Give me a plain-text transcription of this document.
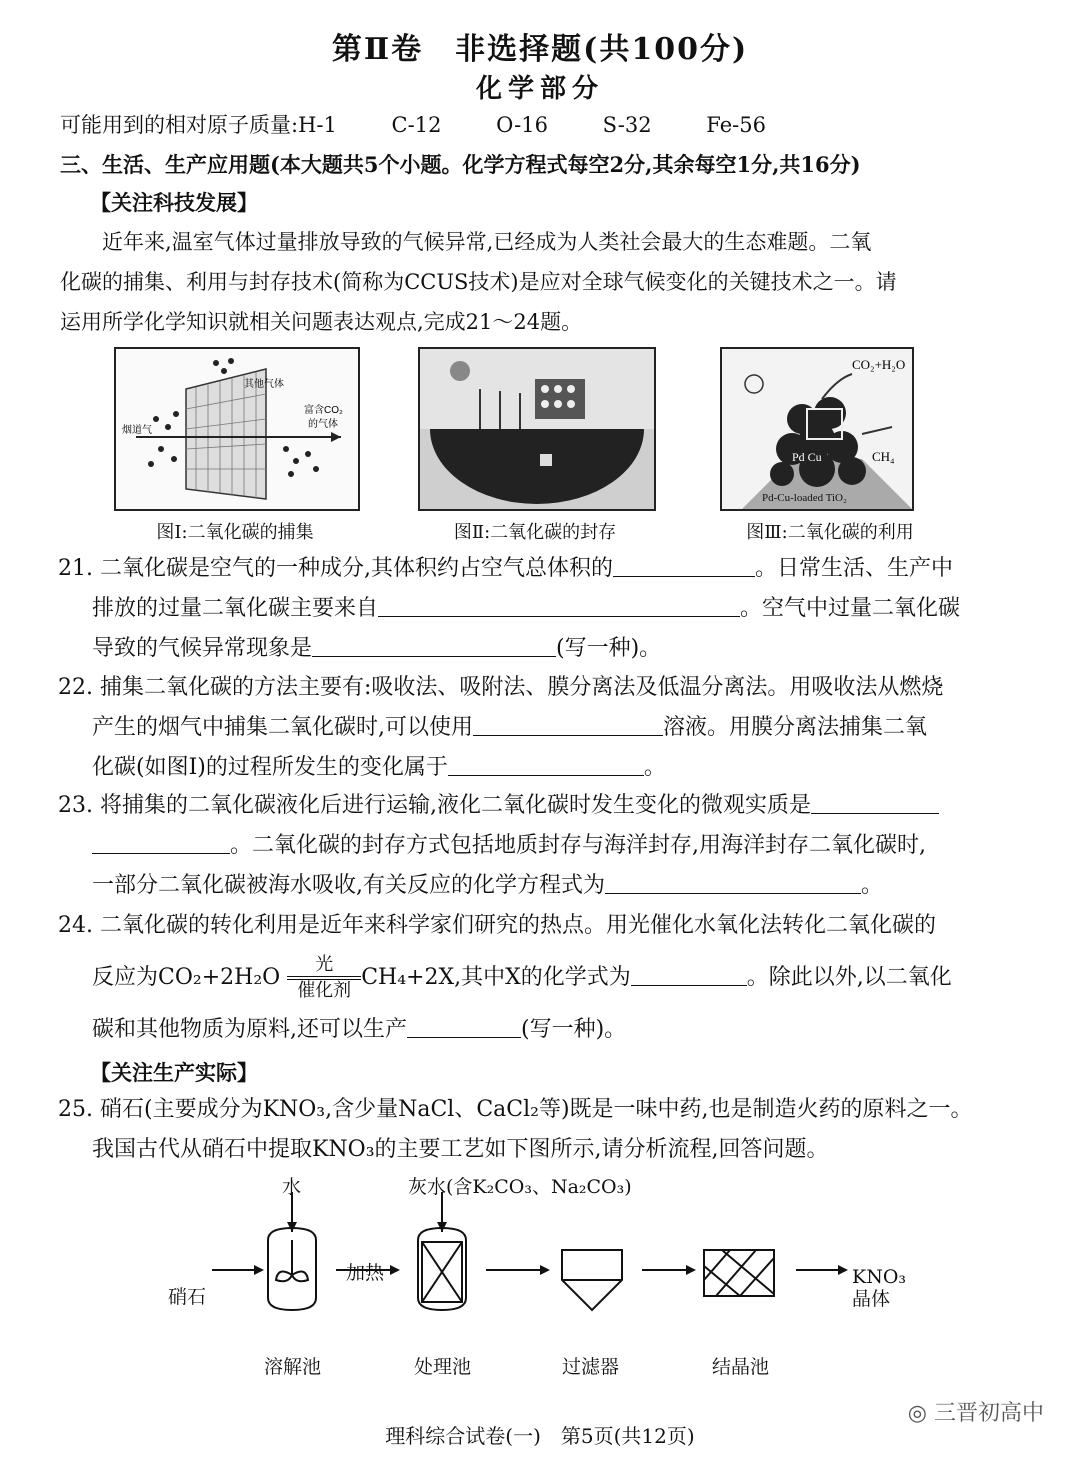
第Ⅱ卷　非选择题(共100分)
化学部分
可能用到的相对原子质量:H-1	C-12	O-16	S-32	Fe-56
三、生活、生产应用题(本大题共5个小题。化学方程式每空2分,其余每空1分,共16分)
【关注科技发展】
近年来,温室气体过量排放导致的气候异常,已经成为人类社会最大的生态难题。二氧
化碳的捕集、利用与封存技术(简称为CCUS技术)是应对全球气候变化的关键技术之一。请
运用所学化学知识就相关问题表达观点,完成21～24题。
其他气体
烟道气
富含CO₂
的气体
图Ⅰ:二氧化碳的捕集	图Ⅱ:二氧化碳的封存
CO₂+H₂O
CH₄
Pd Cu
Pd-Cu-loaded TiO₂
图Ⅲ:二氧化碳的利用
21. 二氧化碳是空气的一种成分,其体积约占空气总体积的	。日常生活、生产中
排放的过量二氧化碳主要来自	。空气中过量二氧化碳
导致的气候异常现象是	(写一种)。
22. 捕集二氧化碳的方法主要有:吸收法、吸附法、膜分离法及低温分离法。用吸收法从燃烧
产生的烟气中捕集二氧化碳时,可以使用	溶液。用膜分离法捕集二氧
化碳(如图Ⅰ)的过程所发生的变化属于	。
23. 将捕集的二氧化碳液化后进行运输,液化二氧化碳时发生变化的微观实质是
。二氧化碳的封存方式包括地质封存与海洋封存,用海洋封存二氧化碳时,
一部分二氧化碳被海水吸收,有关反应的化学方程式为	。
24. 二氧化碳的转化利用是近年来科学家们研究的热点。用光催化水氧化法转化二氧化碳的
反应为CO₂+2H₂O
光
催化剂
CH₄+2X,其中X的化学式为	。除此以外,以二氧化
碳和其他物质为原料,还可以生产	(写一种)。
【关注生产实际】
25. 硝石(主要成分为KNO₃,含少量NaCl、CaCl₂等)既是一味中药,也是制造火药的原料之一。
我国古代从硝石中提取KNO₃的主要工艺如下图所示,请分析流程,回答问题。
水	灰水(含K₂CO₃、Na₂CO₃)
硝石
加热	KNO₃
晶体
溶解池	处理池	过滤器	结晶池
◎ 三晋初高中
理科综合试卷(一)　第5页(共12页)
